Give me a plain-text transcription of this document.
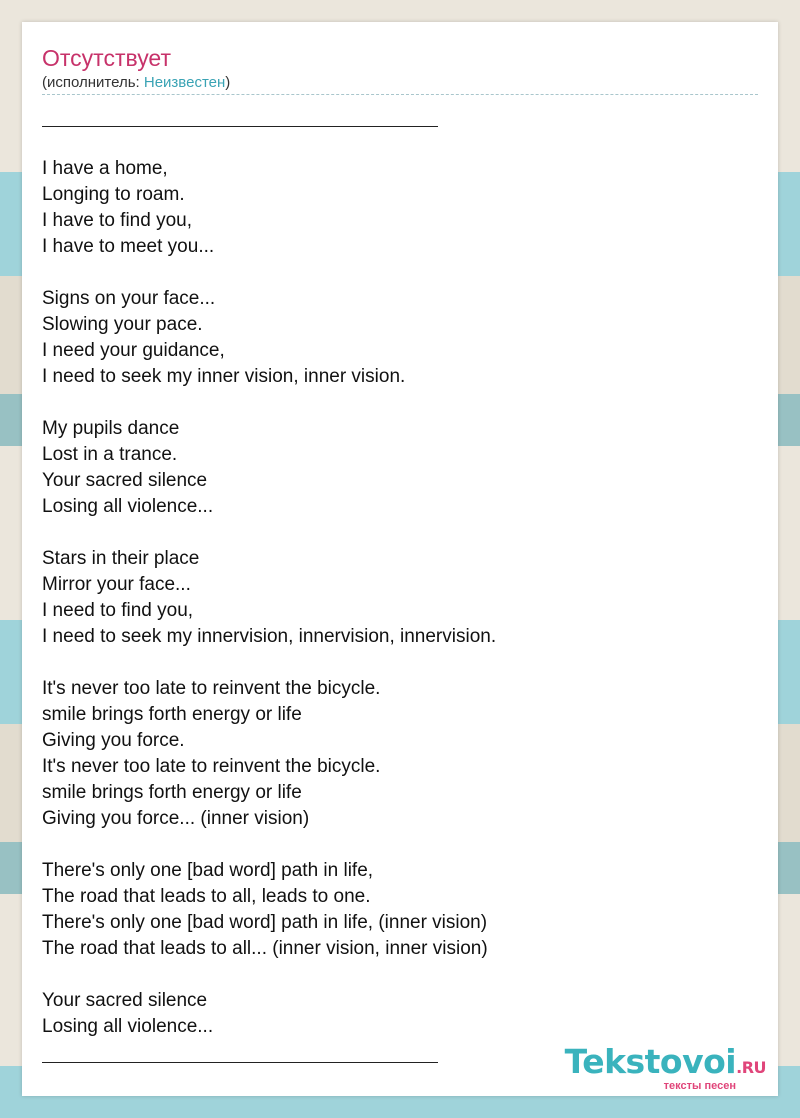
Отсутствует
(исполнитель: Неизвестен)
I have a home,
Longing to roam.
I have to find you,
I have to meet you...
Signs on your face...
Slowing your pace.
I need your guidance,
I need to seek my inner vision, inner vision.
My pupils dance
Lost in a trance.
Your sacred silence
Losing all violence...
Stars in their place
Mirror your face...
I need to find you,
I need to seek my innervision, innervision, innervision.
It's never too late to reinvent the bicycle.
smile brings forth energy or life
Giving you force.
It's never too late to reinvent the bicycle.
smile brings forth energy or life
Giving you force... (inner vision)
There's only one [bad word] path in life,
The road that leads to all, leads to one.
There's only one [bad word] path in life, (inner vision)
The road that leads to all... (inner vision, inner vision)
Your sacred silence
Losing all violence...
Tekstovoi.RU
тексты песен
